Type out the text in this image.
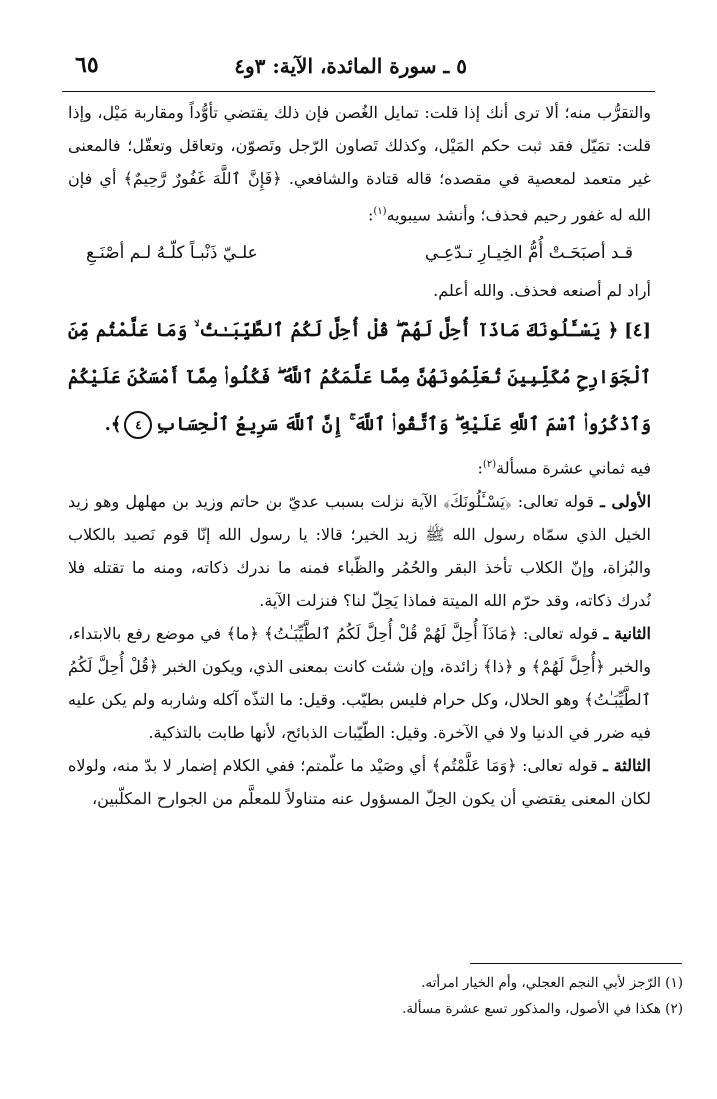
٥ ـ سورة المائدة، الآية: ٣و٤
٦٥

والتقرُّب منه؛ ألا ترى أنك إذا قلت: تمايل الغُصن فإن ذلك يقتضي تأوُّداً ومقاربة مَيْل، وإذا قلت: تمَيّل فقد ثبت حكم المَيْل، وكذلك تَصاون الرّجل وتَصوّن، وتعاقل وتعقّل؛ فالمعنى غير متعمد لمعصية في مقصده؛ قاله قتادة والشافعي. ﴿فَإِنَّ ٱللَّهَ غَفُورٌ رَّحِيمٌ﴾ أي فإن الله له غفور رحيم فحذف؛ وأنشد سيبويه$^{(١)}$:

قـد أصبَحَـتْ أُمُّ الخِيـارِ تـدّعِـي
علـيّ ذَنْبـاً كلّـهُ لـم أصْنَـعِ

أراد لم أصنعه فحذف. والله أعلم.

[٤]﴿ يَسْـَٔلُونَكَ مَاذَآ أُحِلَّ لَهُمْ ۖ قُلْ أُحِلَّ لَكُمُ ٱلطَّيِّبَـٰتُ ۙ وَمَا عَلَّمْتُم مِّنَ ٱلْجَوَارِحِ مُكَلِّبِينَ تُعَلِّمُونَهُنَّ مِمَّا عَلَّمَكُمُ ٱللَّهُ ۖ فَكُلُوا۟ مِمَّآ أَمْسَكْنَ عَلَيْكُمْ وَٱذْكُرُوا۟ ٱسْمَ ٱللَّهِ عَلَيْهِ ۖ وَٱتَّقُوا۟ ٱللَّهَ ۚ إِنَّ ٱللَّهَ سَرِيعُ ٱلْحِسَابِ٤﴾.

فيه ثماني عشرة مسألة$^{(٢)}$:

الأولى ـ قوله تعالى: ﴿يَسْـَٔلُونَكَ﴾ الآية نزلت بسبب عديّ بن حاتم وزيد بن مهلهل وهو زيد الخيل الذي سمّاه رسول الله ﷺ زيد الخير؛ قالا: يا رسول الله إنّا قوم نَصيد بالكلاب والبُزاة، وإنّ الكلاب تأخذ البقر والحُمُر والظّباء فمنه ما ندرك ذكاته، ومنه ما تقتله فلا نُدرك ذكاته، وقد حرّم الله الميتة فماذا يَحِلّ لنا؟ فنزلت الآية.

الثانية ـ قوله تعالى: ﴿مَاذَآ أُحِلَّ لَهُمْ قُلْ أُحِلَّ لَكُمُ ٱلطَّيِّبَـٰتُ﴾ ﴿ما﴾ في موضع رفع بالابتداء، والخبر ﴿أُحِلَّ لَهُمْ﴾ و ﴿ذا﴾ زائدة، وإن شئت كانت بمعنى الذي، ويكون الخبر ﴿قُلْ أُحِلَّ لَكُمُ ٱلطَّيِّبَـٰتُ﴾ وهو الحلال، وكل حرام فليس بطيّب. وقيل: ما التذّه آكله وشاربه ولم يكن عليه فيه ضرر في الدنيا ولا في الآخرة. وقيل: الطّيّبات الذبائح، لأنها طابت بالتذكية.

الثالثة ـ قوله تعالى: ﴿وَمَا عَلَّمْتُم﴾ أي وصَيْد ما علّمتم؛ ففي الكلام إضمار لا بدّ منه، ولولاه لكان المعنى يقتضي أن يكون الحِلّ المسؤول عنه متناولاً للمعلَّم من الجوارح المكلّبين،

(١) الرّجز لأبي النجم العجلي، وأم الخيار امرأته.
(٢) هكذا في الأصول، والمذكور تسع عشرة مسألة.
